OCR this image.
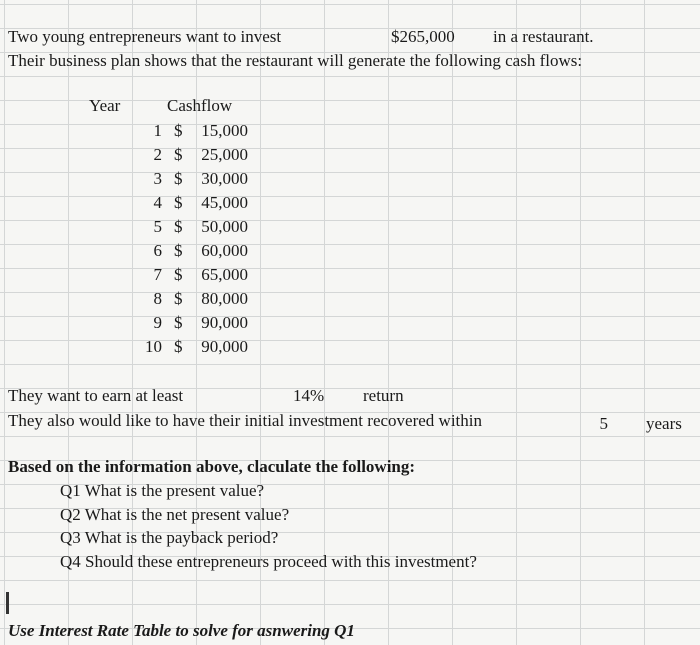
Two young entrepreneurs want to invest	$265,000 in a restaurant.
Their business plan shows that the restaurant will generate the following cash flows:
Year	Cashflow
1 $	15,000
2 $	25,000
3 $	30,000
4 $	45,000
5 $	50,000
6 $	60,000
7 $	65,000
8 $	80,000
9 $	90,000
10 $	90,000
They want to earn at least	14% return
They also would like to have their initial investment recovered within	5 years
Based on the information above, claculate the following:
Q1 What is the present value?
Q2 What is the net present value?
Q3 What is the payback period?
Q4 Should these entrepreneurs proceed with this investment?
Use Interest Rate Table to solve for asnwering Q1
